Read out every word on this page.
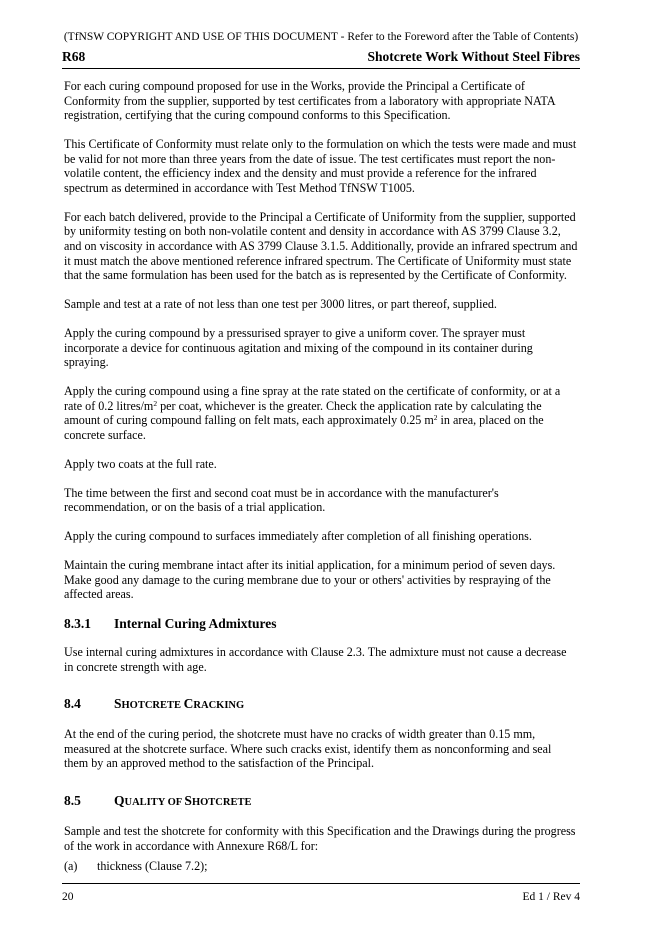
(TfNSW COPYRIGHT AND USE OF THIS DOCUMENT - Refer to the Foreword after the Table of Contents)
R68	Shotcrete Work Without Steel Fibres

For each curing compound proposed for use in the Works, provide the Principal a Certificate of Conformity from the supplier, supported by test certificates from a laboratory with appropriate NATA registration, certifying that the curing compound conforms to this Specification.

This Certificate of Conformity must relate only to the formulation on which the tests were made and must be valid for not more than three years from the date of issue. The test certificates must report the non-volatile content, the efficiency index and the density and must provide a reference for the infrared spectrum as determined in accordance with Test Method TfNSW T1005.

For each batch delivered, provide to the Principal a Certificate of Uniformity from the supplier, supported by uniformity testing on both non-volatile content and density in accordance with AS 3799 Clause 3.2, and on viscosity in accordance with AS 3799 Clause 3.1.5. Additionally, provide an infrared spectrum and it must match the above mentioned reference infrared spectrum. The Certificate of Uniformity must state that the same formulation has been used for the batch as is represented by the Certificate of Conformity.

Sample and test at a rate of not less than one test per 3000 litres, or part thereof, supplied.

Apply the curing compound by a pressurised sprayer to give a uniform cover. The sprayer must incorporate a device for continuous agitation and mixing of the compound in its container during spraying.

Apply the curing compound using a fine spray at the rate stated on the certificate of conformity, or at a rate of 0.2 litres/$m^2$ per coat, whichever is the greater. Check the application rate by calculating the amount of curing compound falling on felt mats, each approximately 0.25 $m^2$ in area, placed on the concrete surface.

Apply two coats at the full rate.

The time between the first and second coat must be in accordance with the manufacturer's recommendation, or on the basis of a trial application.

Apply the curing compound to surfaces immediately after completion of all finishing operations.

Maintain the curing membrane intact after its initial application, for a minimum period of seven days. Make good any damage to the curing membrane due to your or others' activities by respraying of the affected areas.

8.3.1 Internal Curing Admixtures

Use internal curing admixtures in accordance with Clause 2.3. The admixture must not cause a decrease in concrete strength with age.

8.4 SHOTCRETE CRACKING

At the end of the curing period, the shotcrete must have no cracks of width greater than 0.15 mm, measured at the shotcrete surface. Where such cracks exist, identify them as nonconforming and seal them by an approved method to the satisfaction of the Principal.

8.5 QUALITY OF SHOTCRETE

Sample and test the shotcrete for conformity with this Specification and the Drawings during the progress of the work in accordance with Annexure R68/L for:

(a) thickness (Clause 7.2);
20	Ed 1 / Rev 4
